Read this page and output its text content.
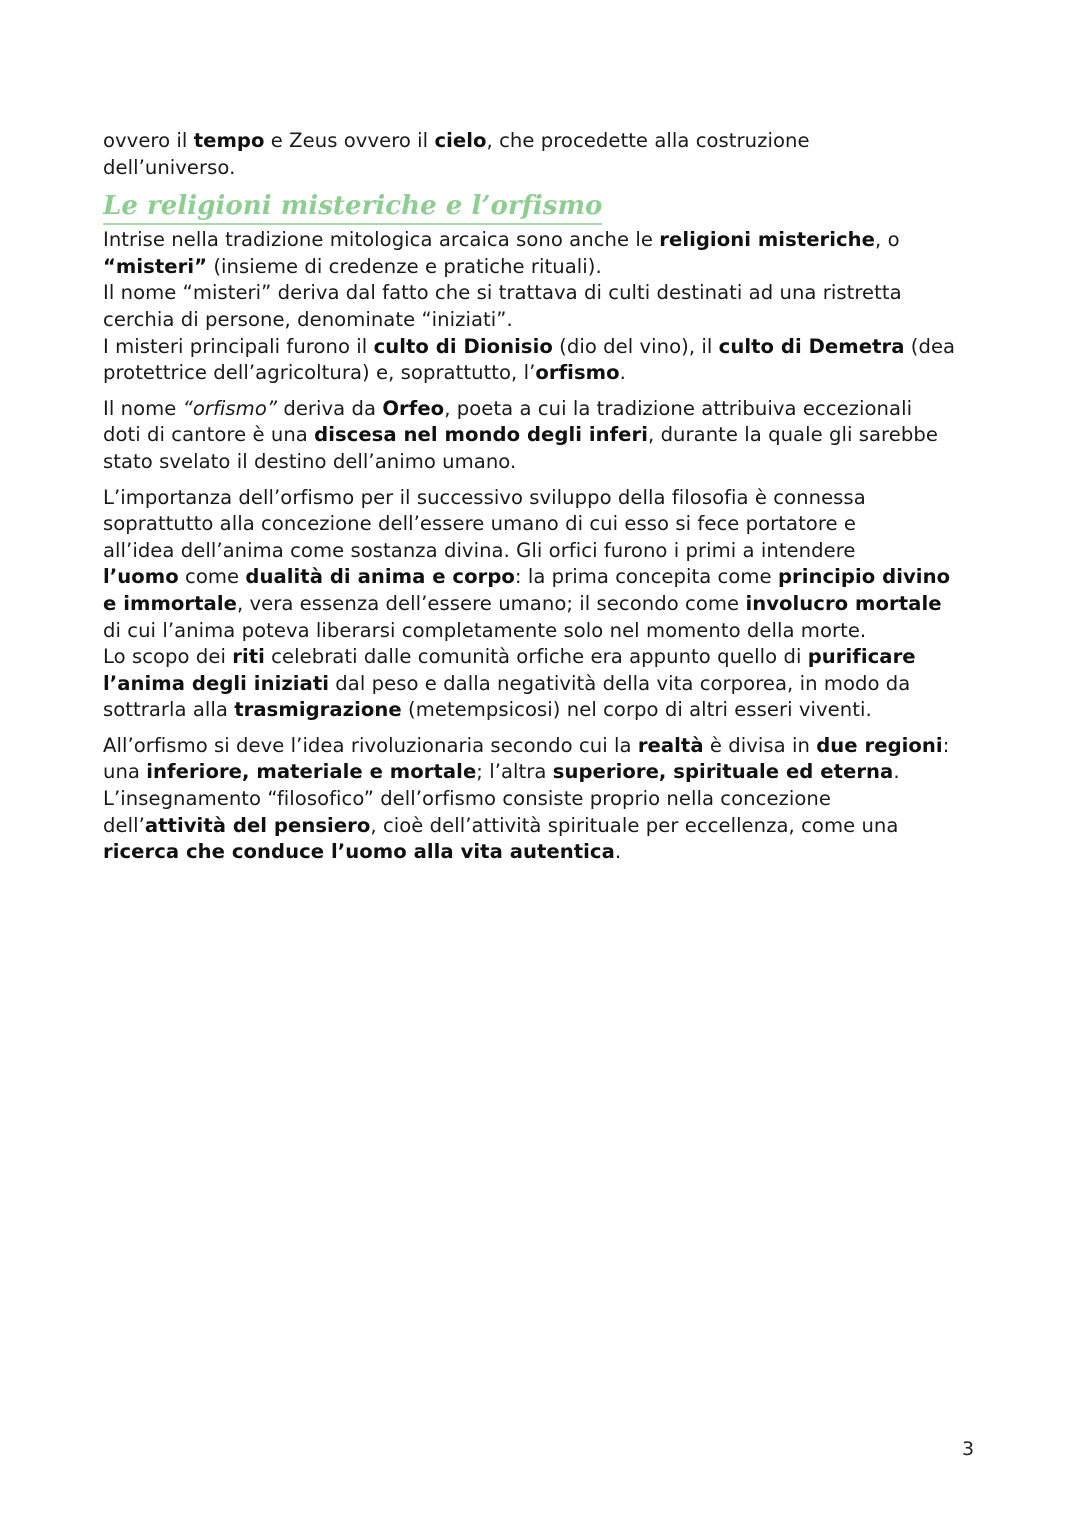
ovvero il tempo e Zeus ovvero il cielo, che procedette alla costruzione
dell’universo.

Le religioni misteriche e l’orfismo

Intrise nella tradizione mitologica arcaica sono anche le religioni misteriche, o
“misteri” (insieme di credenze e pratiche rituali).
Il nome “misteri” deriva dal fatto che si trattava di culti destinati ad una ristretta
cerchia di persone, denominate “iniziati”.
I misteri principali furono il culto di Dionisio (dio del vino), il culto di Demetra (dea
protettrice dell’agricoltura) e, soprattutto, l’orfismo.

Il nome “orfismo” deriva da Orfeo, poeta a cui la tradizione attribuiva eccezionali
doti di cantore è una discesa nel mondo degli inferi, durante la quale gli sarebbe
stato svelato il destino dell’animo umano.

L’importanza dell’orfismo per il successivo sviluppo della filosofia è connessa
soprattutto alla concezione dell’essere umano di cui esso si fece portatore e
all’idea dell’anima come sostanza divina. Gli orfici furono i primi a intendere
l’uomo come dualità di anima e corpo: la prima concepita come principio divino
e immortale, vera essenza dell’essere umano; il secondo come involucro mortale
di cui l’anima poteva liberarsi completamente solo nel momento della morte.
Lo scopo dei riti celebrati dalle comunità orfiche era appunto quello di purificare
l’anima degli iniziati dal peso e dalla negatività della vita corporea, in modo da
sottrarla alla trasmigrazione (metempsicosi) nel corpo di altri esseri viventi.

All’orfismo si deve l’idea rivoluzionaria secondo cui la realtà è divisa in due regioni:
una inferiore, materiale e mortale; l’altra superiore, spirituale ed eterna.
L’insegnamento “filosofico” dell’orfismo consiste proprio nella concezione
dell’attività del pensiero, cioè dell’attività spirituale per eccellenza, come una
ricerca che conduce l’uomo alla vita autentica.

3
